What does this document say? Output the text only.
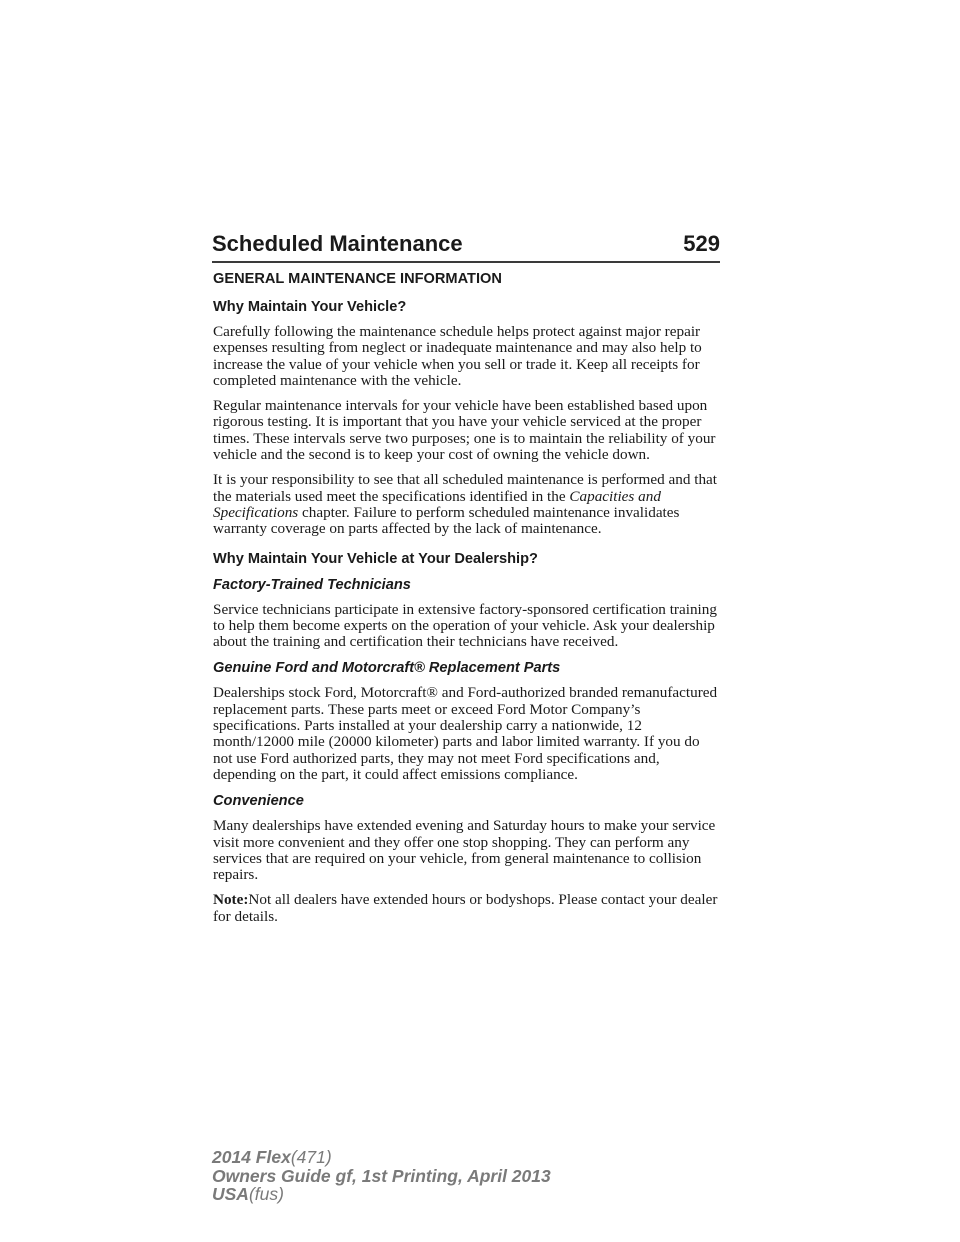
Scheduled Maintenance	529
GENERAL MAINTENANCE INFORMATION
Why Maintain Your Vehicle?

Carefully following the maintenance schedule helps protect against major repair expenses resulting from neglect or inadequate maintenance and may also help to increase the value of your vehicle when you sell or trade it. Keep all receipts for completed maintenance with the vehicle.

Regular maintenance intervals for your vehicle have been established based upon rigorous testing. It is important that you have your vehicle serviced at the proper times. These intervals serve two purposes; one is to maintain the reliability of your vehicle and the second is to keep your cost of owning the vehicle down.

It is your responsibility to see that all scheduled maintenance is performed and that the materials used meet the specifications identified in the Capacities and Specifications chapter. Failure to perform scheduled maintenance invalidates warranty coverage on parts affected by the lack of maintenance.

Why Maintain Your Vehicle at Your Dealership?
Factory-Trained Technicians

Service technicians participate in extensive factory-sponsored certification training to help them become experts on the operation of your vehicle. Ask your dealership about the training and certification their technicians have received.

Genuine Ford and Motorcraft® Replacement Parts

Dealerships stock Ford, Motorcraft® and Ford-authorized branded remanufactured replacement parts. These parts meet or exceed Ford Motor Company’s specifications. Parts installed at your dealership carry a nationwide, 12 month/12000 mile (20000 kilometer) parts and labor limited warranty. If you do not use Ford authorized parts, they may not meet Ford specifications and, depending on the part, it could affect emissions compliance.

Convenience

Many dealerships have extended evening and Saturday hours to make your service visit more convenient and they offer one stop shopping. They can perform any services that are required on your vehicle, from general maintenance to collision repairs.

Note:Not all dealers have extended hours or bodyshops. Please contact your dealer for details.

2014 Flex(471)
Owners Guide gf, 1st Printing, April 2013
USA(fus)
